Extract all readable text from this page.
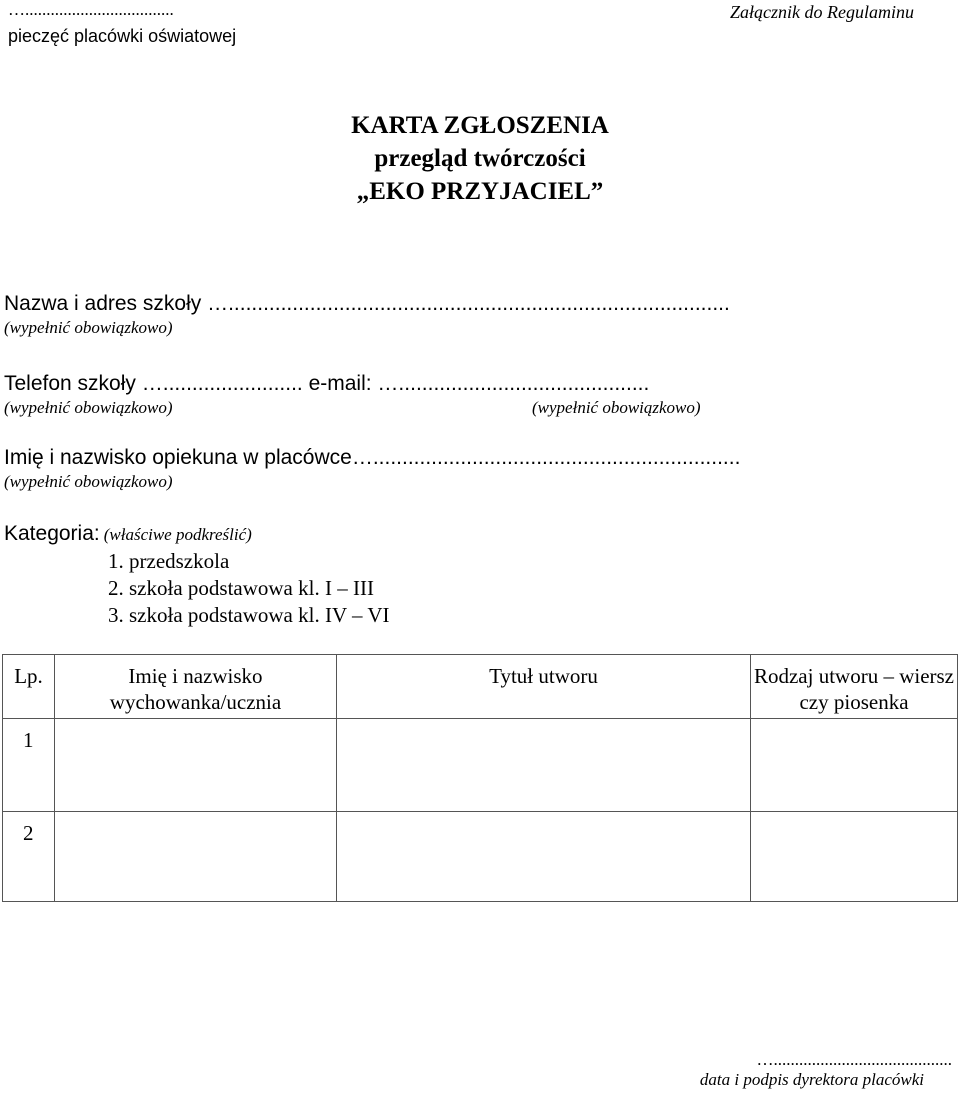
…...................................
pieczęć placówki oświatowej
Załącznik do Regulaminu
KARTA ZGŁOSZENIA
przegląd twórczości
„EKO PRZYJACIEL”
Nazwa i adres szkoły …......................................................................................
(wypełnić obowiązkowo)
Telefon szkoły …........................ e-mail: …...........................................
(wypełnić obowiązkowo)	(wypełnić obowiązkowo)
Imię i nazwisko opiekuna w placówce…...............................................................
(wypełnić obowiązkowo)
Kategoria: (właściwe podkreślić)
1. przedszkola
2. szkoła podstawowa kl. I – III
3. szkoła podstawowa kl. IV – VI
Lp.	Imię i nazwisko wychowanka/ucznia	Tytuł utworu	Rodzaj utworu – wiersz czy piosenka
1			
2			
…..........................................
data i podpis dyrektora placówki
